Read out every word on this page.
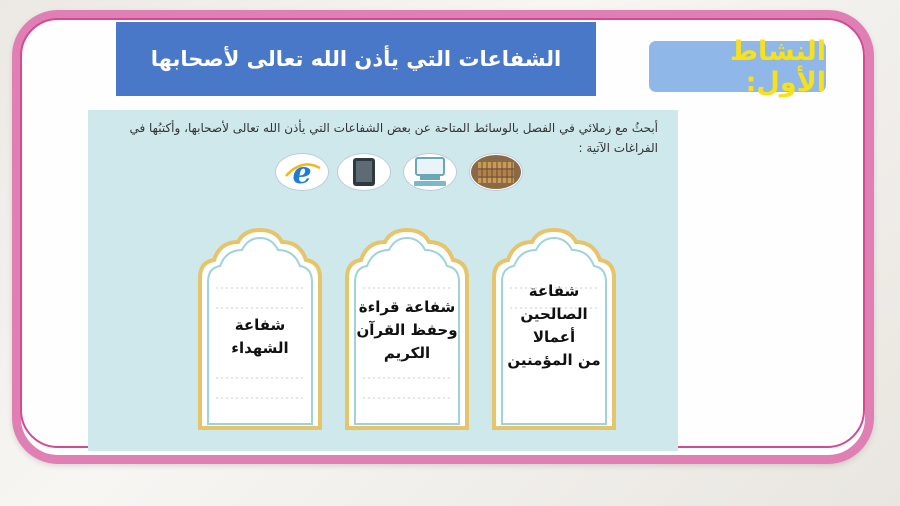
الشفاعات التي يأذن الله تعالى لأصحابها	النشاط الأول:

أبحثُ مع زملائي في الفصل بالوسائط المتاحة عن بعض الشفاعات التي يأذن الله تعالى لأصحابها، وأكتبُها في الفراغات الآتية :

e
شفاعة
الصالحين
أعمالا
من المؤمنين
شفاعة قراءة
وحفظ القرآن
الكريم
شفاعة
الشهداء
